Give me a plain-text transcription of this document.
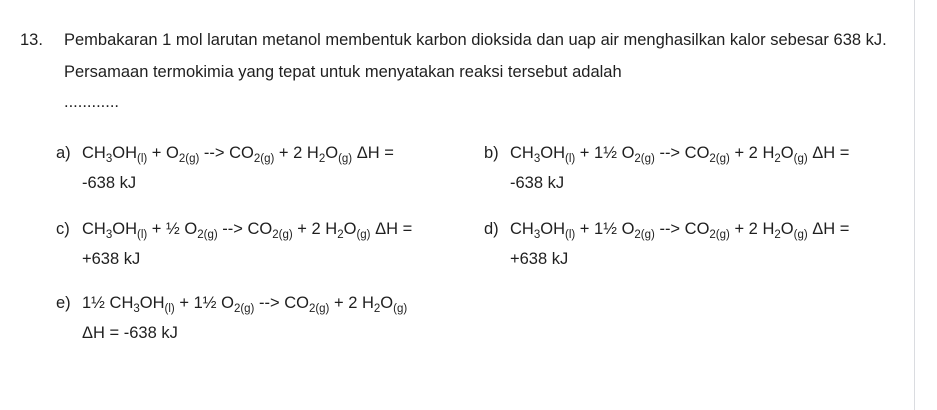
13. Pembakaran 1 mol larutan metanol membentuk karbon dioksida dan uap air menghasilkan kalor sebesar 638 kJ. Persamaan termokimia yang tepat untuk menyatakan reaksi tersebut adalah

............
a) $CH_3OH_{(l)} + O_{2(g)}$ --> $CO_{2(g)} + 2$ $H_2O_{(g)}$ ΔH =
-638 kJ
b) $CH_3OH_{(l)}$ + 1½ $O_{2(g)}$ --> $CO_{2(g)} + 2$ $H_2O_{(g)}$ ΔH =
-638 kJ
c) $CH_3OH_{(l)}$ + ½ $O_{2(g)}$ --> $CO_{2(g)} + 2$ $H_2O_{(g)}$ ΔH =
+638 kJ
d) $CH_3OH_{(l)}$ + 1½ $O_{2(g)}$ --> $CO_{2(g)} + 2$ $H_2O_{(g)}$ ΔH =
+638 kJ
e) 1½ $CH_3OH_{(l)}$ + 1½ $O_{2(g)}$ --> $CO_{2(g)} + 2$ $H_2O_{(g)}$
ΔH = -638 kJ
